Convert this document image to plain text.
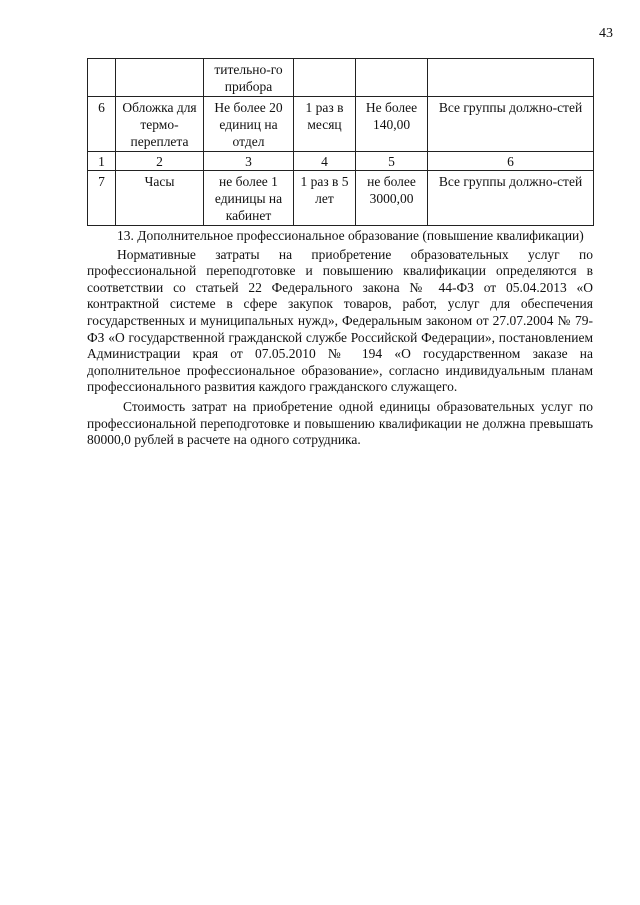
43
		тительно-го прибора			
6	Обложка для термо-переплета	Не более 20 единиц на отдел	1 раз в месяц	Не более 140,00	Все группы должно-стей
1	2	3	4	5	6
7	Часы	не более 1 единицы на кабинет	1 раз в 5 лет	не более 3000,00	Все группы должно-стей

13. Дополнительное профессиональное образование (повышение квалификации)

Нормативные затраты на приобретение образовательных услуг по профессиональной переподготовке и повышению квалификации определяются в соответствии со статьей 22 Федерального закона № 44-ФЗ от 05.04.2013 «О контрактной системе в сфере закупок товаров, работ, услуг для обеспечения государственных и муниципальных нужд», Федеральным законом от 27.07.2004 № 79-ФЗ «О государственной гражданской службе Российской Федерации», постановлением Администрации края от 07.05.2010 № 194 «О государственном заказе на дополнительное профессиональное образование», согласно индивидуальным планам профессионального развития каждого гражданского служащего.

Стоимость затрат на приобретение одной единицы образовательных услуг по профессиональной переподготовке и повышению квалификации не должна превышать 80000,0 рублей в расчете на одного сотрудника.
